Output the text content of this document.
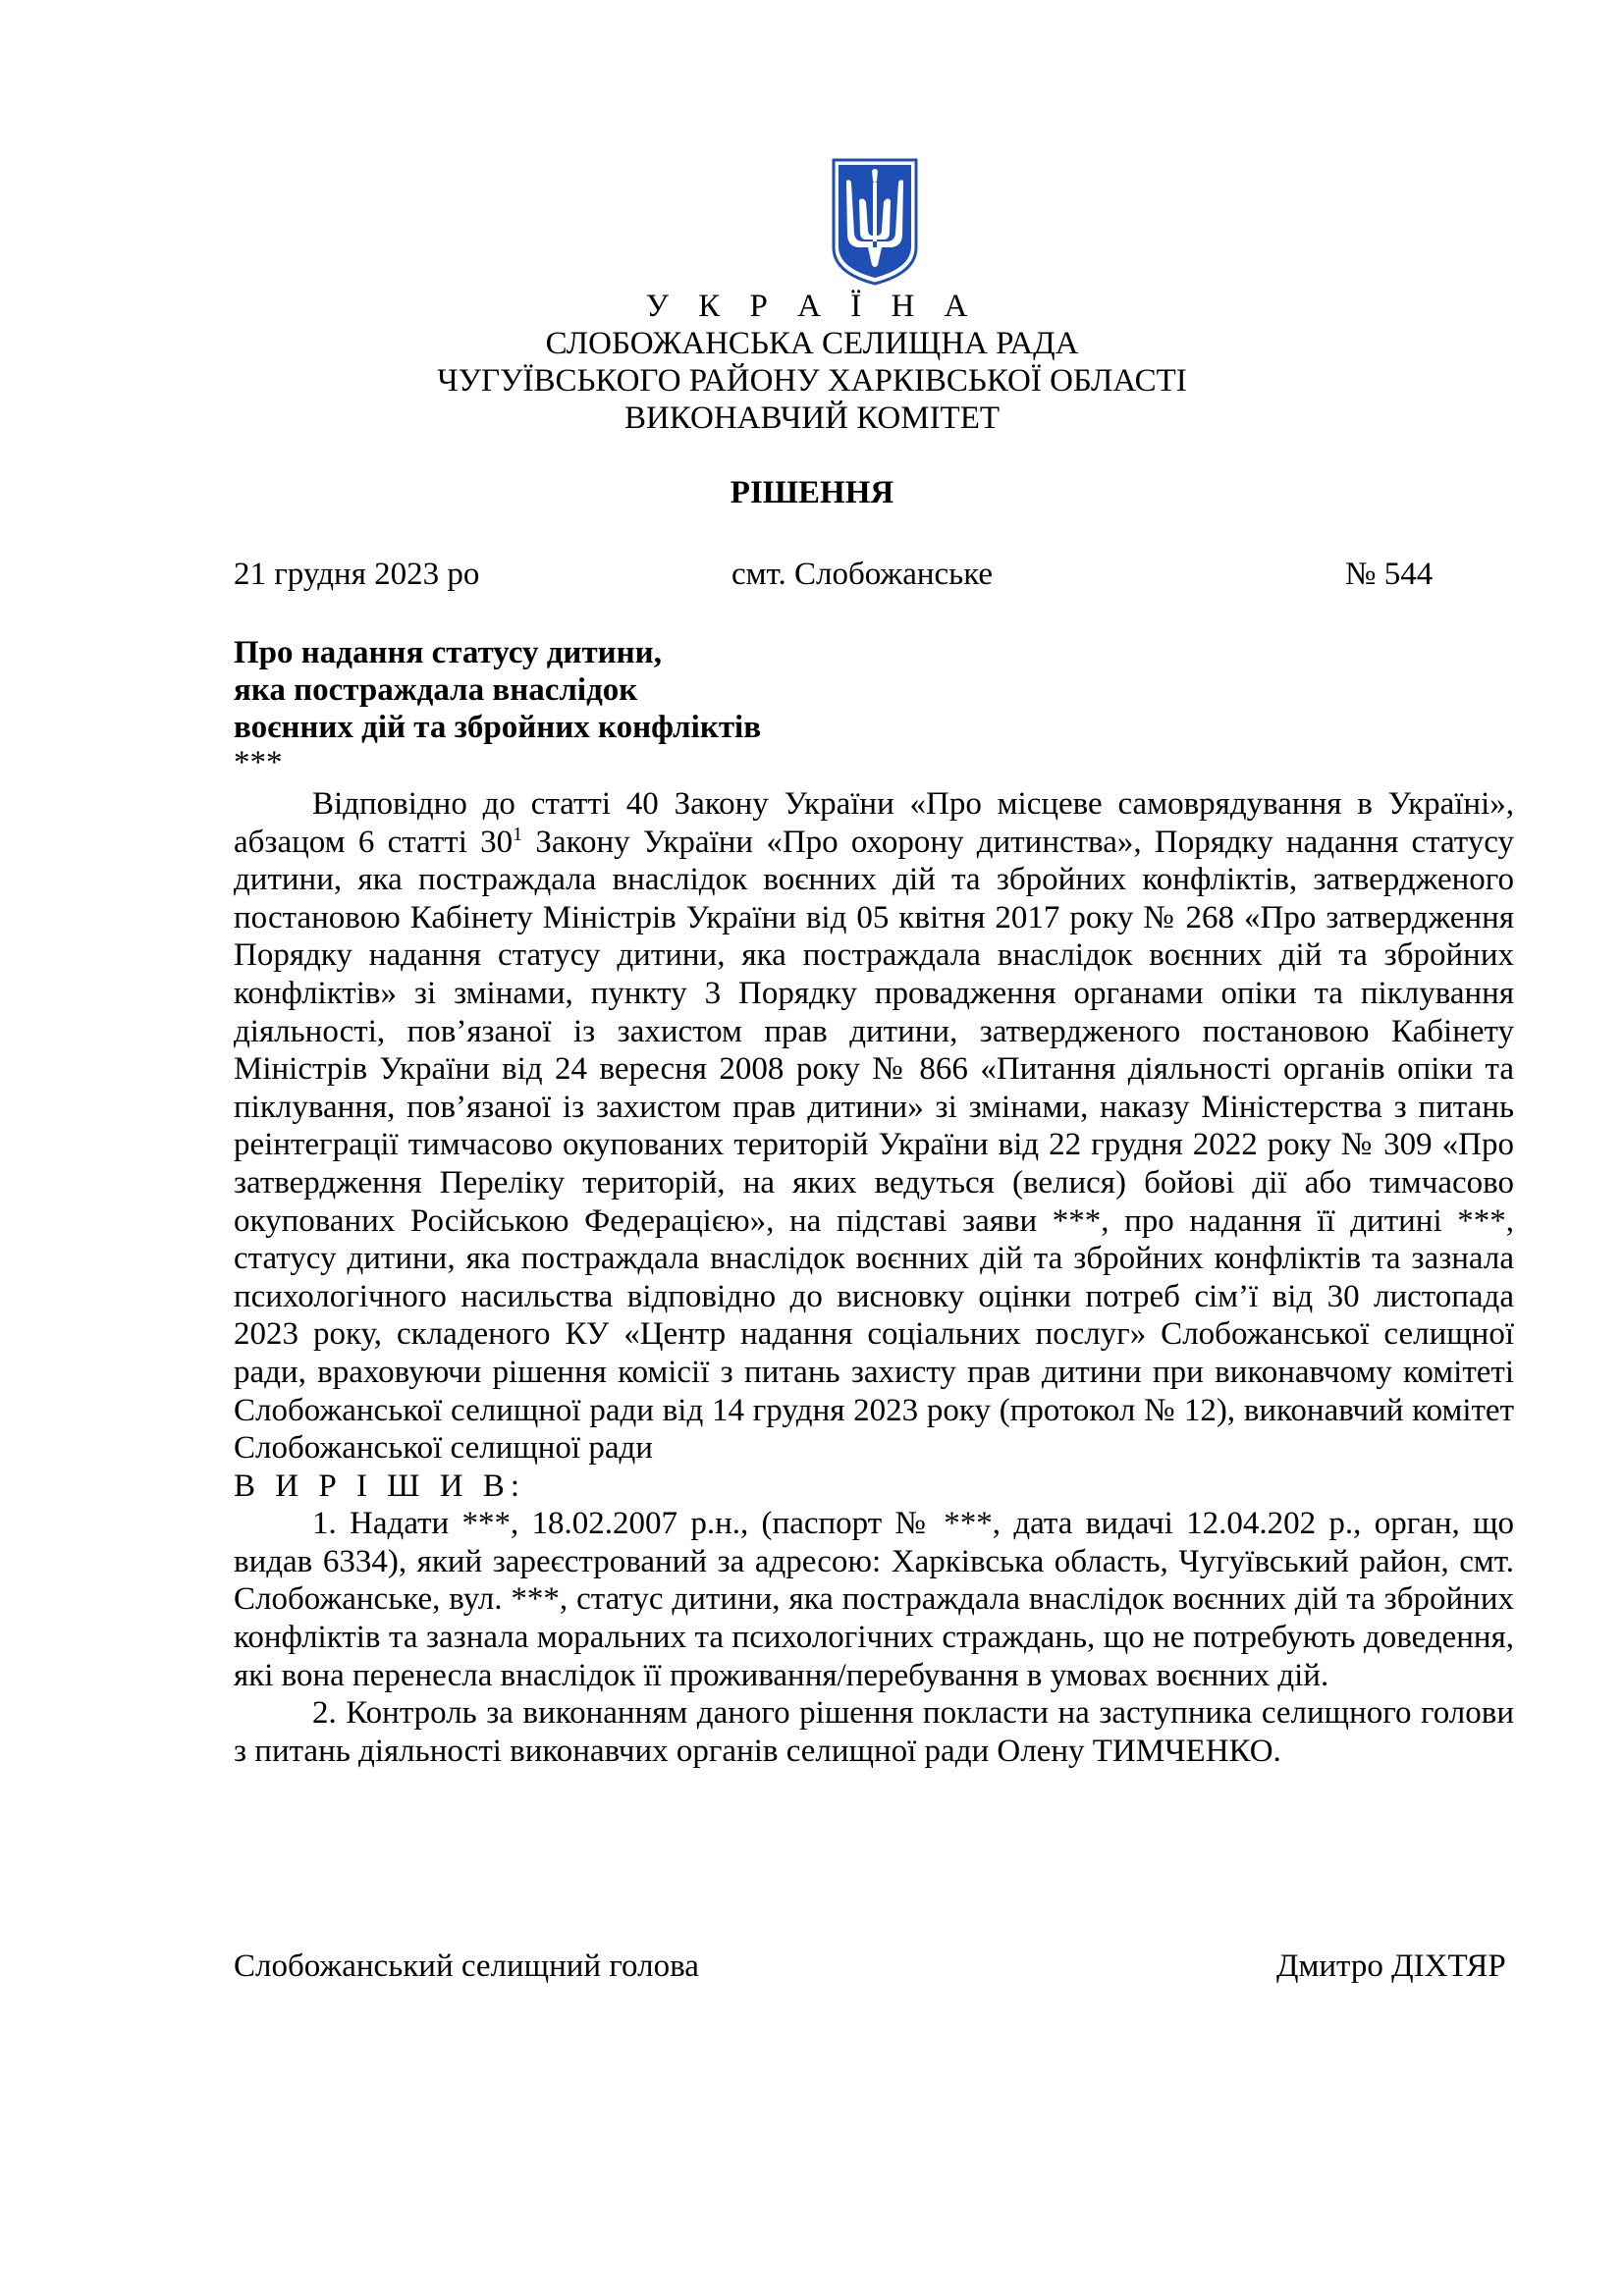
У К Р А Ї Н А
СЛОБОЖАНСЬКА СЕЛИЩНА РАДА
ЧУГУЇВСЬКОГО РАЙОНУ ХАРКІВСЬКОЇ ОБЛАСТІ
ВИКОНАВЧИЙ КОМІТЕТ
РІШЕННЯ
21 грудня 2023 ро	смт. Слобожанське	№ 544
Про надання статусу дитини,
яка постраждала внаслідок
воєнних дій та збройних конфліктів
***

Відповідно до статті 40 Закону України «Про місцеве самоврядування в Україні», абзацом 6 статті $30^1$ Закону України «Про охорону дитинства», Порядку надання статусу дитини, яка постраждала внаслідок воєнних дій та збройних конфліктів, затвердженого постановою Кабінету Міністрів України від 05 квітня 2017 року № 268 «Про затвердження Порядку надання статусу дитини, яка постраждала внаслідок воєнних дій та збройних конфліктів» зі змінами, пункту 3 Порядку провадження органами опіки та піклування діяльності, пов’язаної із захистом прав дитини, затвердженого постановою Кабінету Міністрів України від 24 вересня 2008 року № 866 «Питання діяльності органів опіки та піклування, пов’язаної із захистом прав дитини» зі змінами, наказу Міністерства з питань реінтеграції тимчасово окупованих територій України від 22 грудня 2022 року № 309 «Про затвердження Переліку територій, на яких ведуться (велися) бойові дії або тимчасово окупованих Російською Федерацією», на підставі заяви ***, про надання її дитині ***, статусу дитини, яка постраждала внаслідок воєнних дій та збройних конфліктів та зазнала психологічного насильства відповідно до висновку оцінки потреб сім’ї від 30 листопада 2023 року, складеного КУ «Центр надання соціальних послуг» Слобожанської селищної ради, враховуючи рішення комісії з питань захисту прав дитини при виконавчому комітеті Слобожанської селищної ради від 14 грудня 2023 року (протокол № 12), виконавчий комітет Слобожанської селищної ради

В И Р І Ш И В:

1. Надати ***, 18.02.2007 р.н., (паспорт № ***, дата видачі 12.04.202 р., орган, що видав 6334), який зареєстрований за адресою: Харківська область, Чугуївський район, смт. Слобожанське, вул. ***, статус дитини, яка постраждала внаслідок воєнних дій та збройних конфліктів та зазнала моральних та психологічних страждань, що не потребують доведення, які вона перенесла внаслідок її проживання/перебування в умовах воєнних дій.

2. Контроль за виконанням даного рішення покласти на заступника селищного голови з питань діяльності виконавчих органів селищної ради Олену ТИМЧЕНКО.

Слобожанський селищний голова	Дмитро ДІХТЯР
